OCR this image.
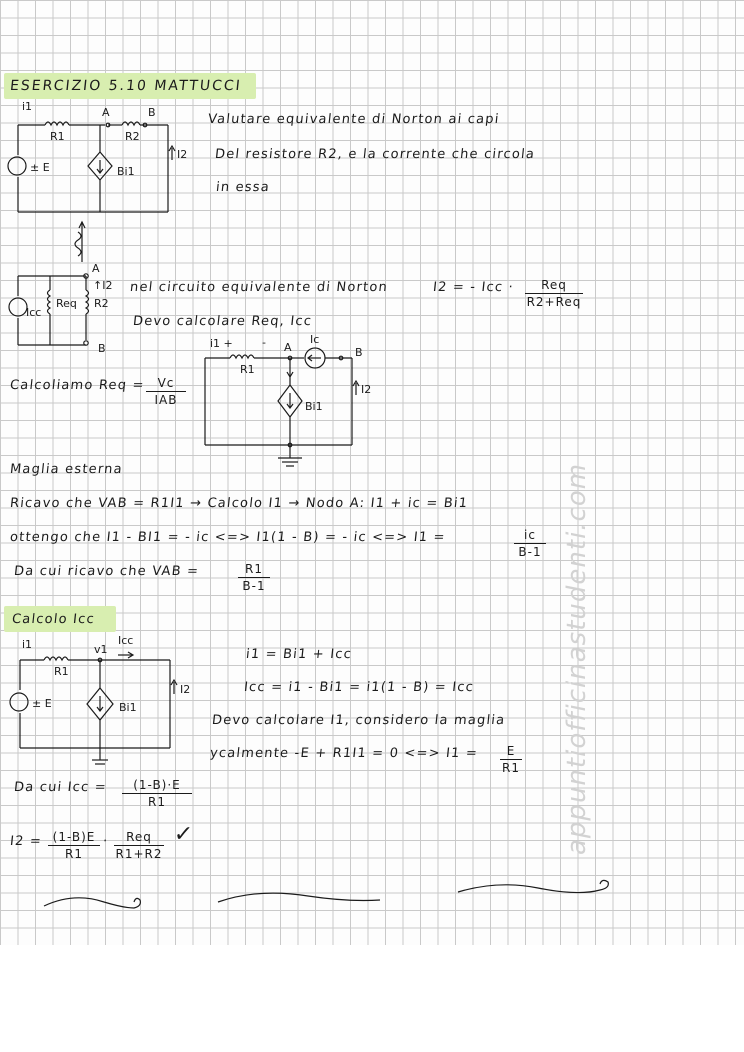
ESERCIZIO 5.10 MATTUCCI
i1
R1
A
R2
B
± E	Bi1
I2
Valutare equivalente di Norton ai capi
Del resistore R2, e la corrente che circola
in essa
Icc
Req R2
A
B
↑I2 nel circuito equivalente di Norton	I2 = - Icc ·	Req
R2+Req
Devo calcolare Req, Icc
i1 +	-
R1
A
Ic
B
Bi1
I2
Calcoliamo Req =	Vc
IAB
Maglia esterna
Ricavo che VAB = R1I1 → Calcolo I1 → Nodo A: I1 + ic = Bi1
ottengo che I1 - BI1 = - ic <=> I1(1 - B) = - ic <=> I1 =	ic
B-1
Da cui ricavo che VAB =	R1
B-1
Calcolo Icc
i1
R1
v1
Icc
± E	Bi1
I2
i1 = Bi1 + Icc
Icc = i1 - Bi1 = i1(1 - B) = Icc
Devo calcolare I1, considero la maglia
ycalmente -E + R1I1 = 0 <=> I1 =	E
R1
Da cui Icc =	(1-B)·E
R1
I2 = (1-B)E
R1
·	Req
R1+R2
✓	appuntiofficinastudenti.com
